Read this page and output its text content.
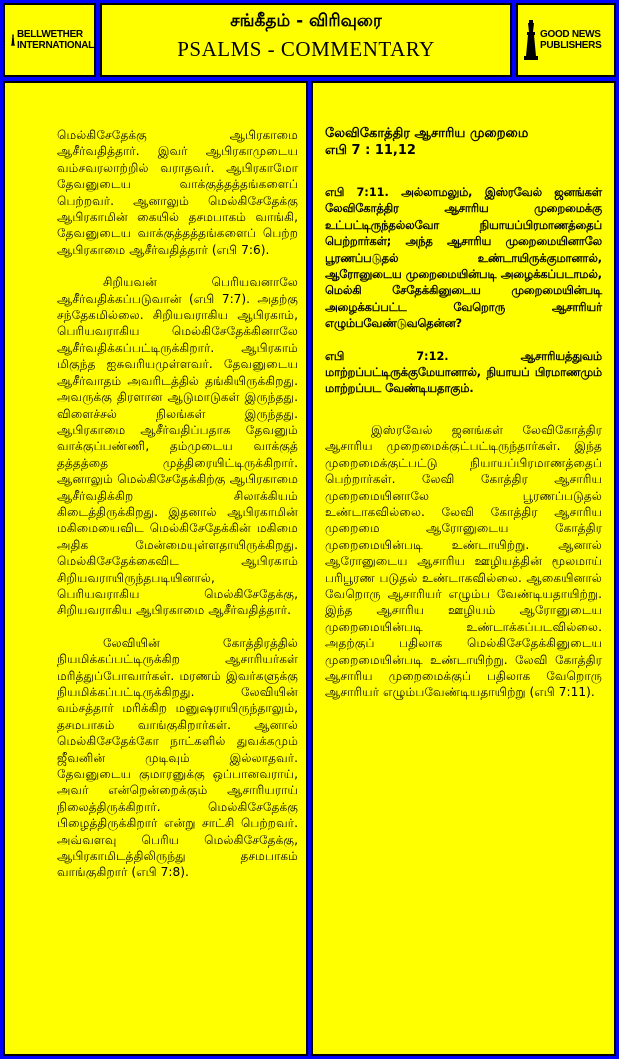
BELLWETHER
INTERNATIONAL
சங்கீதம் - விரிவுரை
PSALMS - COMMENTARY
GOOD NEWS
PUBLISHERS

மெல்கிசேதேக்கு ஆபிரகாமை ஆசீர்வதித்தார். இவர் ஆபிரகாமுடைய வம்சவரலாற்றில் வராதவர். ஆபிரகாமோ தேவனுடைய வாக்குத்தத்தங்களைப் பெற்றவர். ஆனாலும் மெல்கிசேதேக்கு ஆபிரகாமின் கையில் தசமபாகம் வாங்கி, தேவனுடைய வாக்குத்தத்தங்களைப் பெற்ற ஆபிரகாமை ஆசீர்வதித்தார் (எபி 7:6).

சிறியவன் பெரியவனாலே ஆசீர்வதிக்கப்படுவான் (எபி 7:7). அதற்கு சந்தேகமில்லை. சிறியவராகிய ஆபிரகாம், பெரியவராகிய மெல்கிசேதேக்கினாலே ஆசீர்வதிக்கப்பட்டிருக்கிறார். ஆபிரகாம் மிகுந்த ஐசுவரியமுள்ளவர். தேவனுடைய ஆசீர்வாதம் அவரிடத்தில் தங்கியிருக்கிறது. அவருக்கு திரளான ஆடுமாடுகள் இருந்தது. விளைச்சல் நிலங்கள் இருந்தது. ஆபிரகாமை ஆசீர்வதிப்பதாக தேவனும் வாக்குப்பண்ணி, தம்முடைய வாக்குத் தத்தத்தை முத்திரையிட்டிருக்கிறார். ஆனாலும் மெல்கிசேதேக்கிற்கு ஆபிரகாமை ஆசீர்வதிக்கிற சிலாக்கியம் கிடைத்திருக்கிறது. இதனால் ஆபிரகாமின் மகிமையைவிட மெல்கிசேதேக்கின் மகிமை அதிக மேன்மையுள்ளதாயிருக்கிறது. மெல்கிசேதேக்கைவிட ஆபிரகாம் சிறியவராயிருந்தபடியினால், பெரியவராகிய மெல்கிசேதேக்கு, சிறியவராகிய ஆபிரகாமை ஆசீர்வதித்தார்.

லேவியின் கோத்திரத்தில் நியமிக்கப்பட்டிருக்கிற ஆசாரியர்கள் மரித்துப்போவார்கள். மரணம் இவர்களுக்கு நியமிக்கப்பட்டிருக்கிறது. லேவியின் வம்சத்தார் மரிக்கிற மனுஷராயிருந்தாலும், தசமபாகம் வாங்குகிறார்கள். ஆனால் மெல்கிசேதேக்கோ நாட்களில் துவக்கமும் ஜீவனின் முடிவும் இல்லாதவர். தேவனுடைய குமாரனுக்கு ஒப்பானவராய், அவர் என்றென்றைக்கும் ஆசாரியராய் நிலைத்திருக்கிறார். மெல்கிசேதேக்கு பிழைத்திருக்கிறார் என்று சாட்சி பெற்றவர். அவ்வளவு பெரிய மெல்கிசேதேக்கு, ஆபிரகாமிடத்திலிருந்து தசமபாகம் வாங்குகிறார் (எபி 7:8).

லேவிகோத்திர ஆசாரிய முறைமை
எபி 7 : 11,12

எபி 7:11. அல்லாமலும், இஸ்ரவேல் ஜனங்கள் லேவிகோத்திர ஆசாரிய முறைமைக்கு உட்பட்டிருந்தல்லவோ நியாயப்பிரமாணத்தைப் பெற்றார்கள்; அந்த ஆசாரிய முறைமையினாலே பூரணப்படுதல் உண்டாயிருக்குமானால், ஆரோனுடைய முறைமையின்படி அழைக்கப்படாமல், மெல்கி சேதேக்கினுடைய முறைமையின்படி அழைக்கப்பட்ட வேறொரு ஆசாரியர் எழும்பவேண்டுவதென்ன?

எபி 7:12. ஆசாரியத்துவம் மாற்றப்பட்டிருக்குமேயானால், நியாயப் பிரமாணமும் மாற்றப்பட வேண்டியதாகும்.

இஸ்ரவேல் ஜனங்கள் லேவிகோத்திர ஆசாரிய முறைமைக்குட்பட்டிருந்தார்கள். இந்த முறைமைக்குட்பட்டு நியாயப்பிரமாணத்தைப் பெற்றார்கள். லேவி கோத்திர ஆசாரிய முறைமையினாலே பூரணப்படுதல் உண்டாகவில்லை. லேவி கோத்திர ஆசாரிய முறைமை ஆரோனுடைய கோத்திர முறைமையின்படி உண்டாயிற்று. ஆனால் ஆரோனுடைய ஆசாரிய ஊழியத்தின் மூலமாய் பரிபூரண படுதல் உண்டாகவில்லை. ஆகையினால் வேறொரு ஆசாரியர் எழும்ப வேண்டியதாயிற்று. இந்த ஆசாரிய ஊழியம் ஆரோனுடைய முறைமையின்படி உண்டாக்கப்படவில்லை. அதற்குப் பதிலாக மெல்கிசேதேக்கினுடைய முறைமையின்படி உண்டாயிற்று. லேவி கோத்திர ஆசாரிய முறைமைக்குப் பதிலாக வேறொரு ஆசாரியர் எழும்பவேண்டியதாயிற்று (எபி 7:11).
